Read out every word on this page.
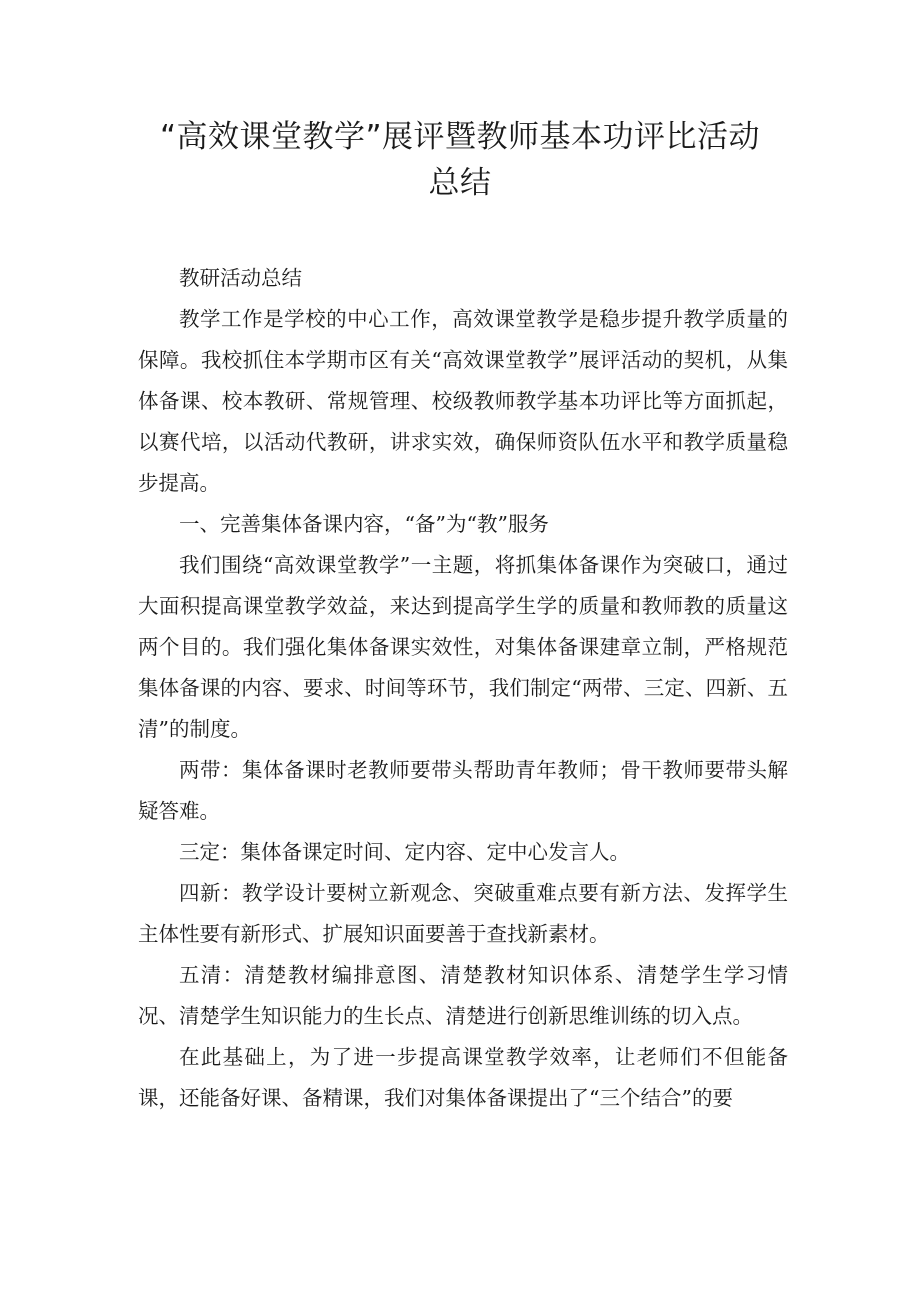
“高效课堂教学”展评暨教师基本功评比活动
总结

教研活动总结

教学工作是学校的中心工作，高效课堂教学是稳步提升教学质量的保障。我校抓住本学期市区有关“高效课堂教学”展评活动的契机，从集体备课、校本教研、常规管理、校级教师教学基本功评比等方面抓起，以赛代培，以活动代教研，讲求实效，确保师资队伍水平和教学质量稳步提高。

一、完善集体备课内容，“备”为“教”服务

我们围绕“高效课堂教学”一主题，将抓集体备课作为突破口，通过大面积提高课堂教学效益，来达到提高学生学的质量和教师教的质量这两个目的。我们强化集体备课实效性，对集体备课建章立制，严格规范集体备课的内容、要求、时间等环节，我们制定“两带、三定、四新、五清”的制度。

两带：集体备课时老教师要带头帮助青年教师；骨干教师要带头解疑答难。

三定：集体备课定时间、定内容、定中心发言人。

四新：教学设计要树立新观念、突破重难点要有新方法、发挥学生主体性要有新形式、扩展知识面要善于查找新素材。

五清：清楚教材编排意图、清楚教材知识体系、清楚学生学习情况、清楚学生知识能力的生长点、清楚进行创新思维训练的切入点。

在此基础上，为了进一步提高课堂教学效率，让老师们不但能备课，还能备好课、备精课，我们对集体备课提出了“三个结合”的要
